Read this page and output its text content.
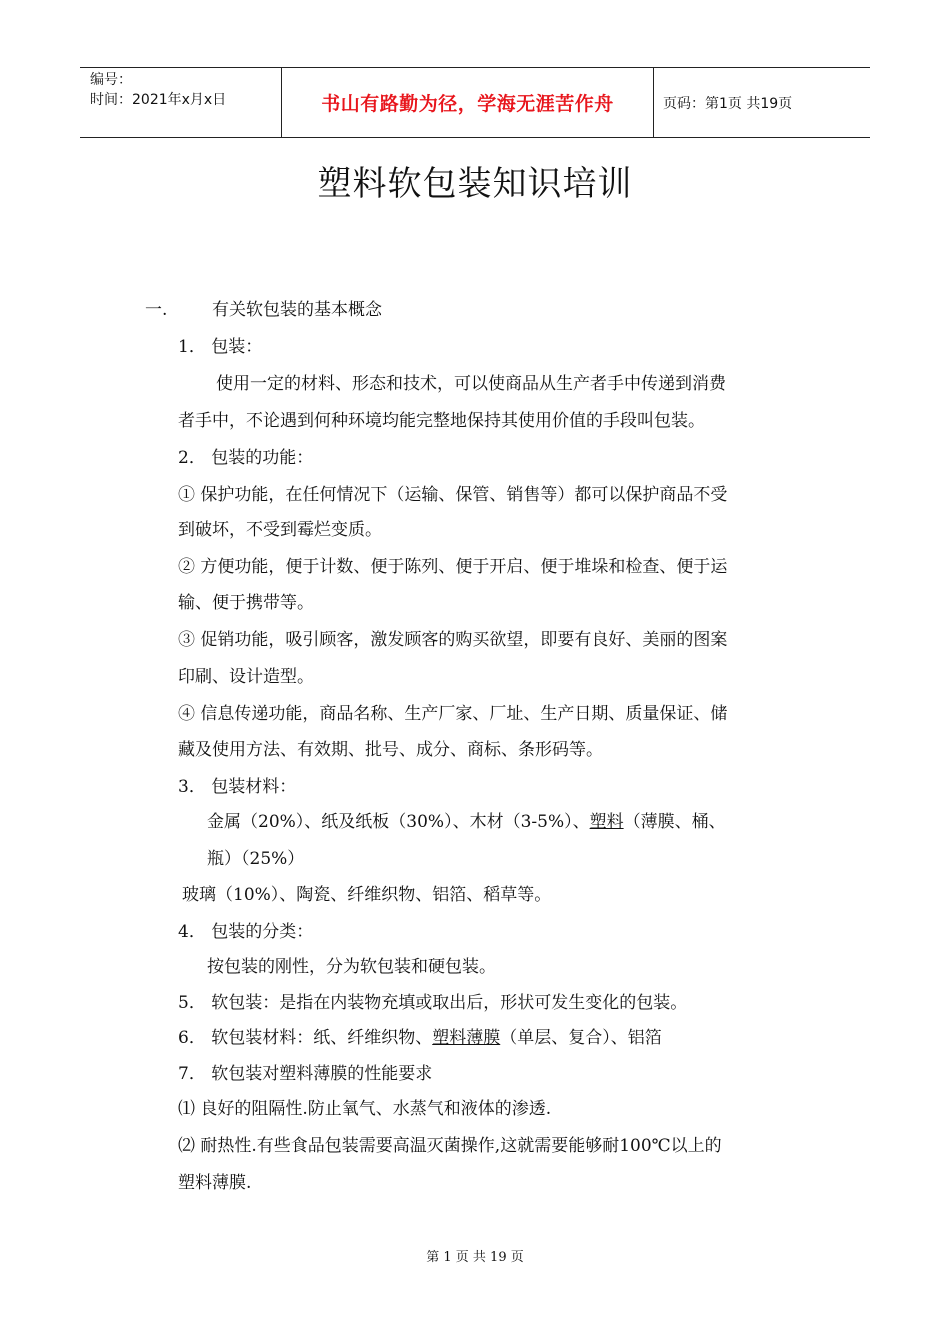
编号：
时间：2021年x月x日	书山有路勤为径，学海无涯苦作舟	页码：第1页 共19页
塑料软包装知识培训
一.	有关软包装的基本概念
1． 包装：
使用一定的材料、形态和技术，可以使商品从生产者手中传递到消费
者手中，不论遇到何种环境均能完整地保持其使用价值的手段叫包装。
2． 包装的功能：
① 保护功能，在任何情况下（运输、保管、销售等）都可以保护商品不受
到破坏，不受到霉烂变质。
② 方便功能，便于计数、便于陈列、便于开启、便于堆垛和检查、便于运
输、便于携带等。
③ 促销功能，吸引顾客，激发顾客的购买欲望，即要有良好、美丽的图案
印刷、设计造型。
④ 信息传递功能，商品名称、生产厂家、厂址、生产日期、质量保证、储
藏及使用方法、有效期、批号、成分、商标、条形码等。
3． 包装材料：
金属（20%）、纸及纸板（30%）、木材（3-5%）、塑料（薄膜、桶、
瓶）（25%）
玻璃（10%）、陶瓷、纤维织物、铝箔、稻草等。
4． 包装的分类：
按包装的刚性，分为软包装和硬包装。
5． 软包装：是指在内装物充填或取出后，形状可发生变化的包装。
6． 软包装材料：纸、纤维织物、塑料薄膜（单层、复合）、铝箔
7． 软包装对塑料薄膜的性能要求
⑴ 良好的阻隔性.防止氧气、水蒸气和液体的渗透.
⑵ 耐热性.有些食品包装需要高温灭菌操作,这就需要能够耐100℃以上的
塑料薄膜.
第 1 页 共 19 页
